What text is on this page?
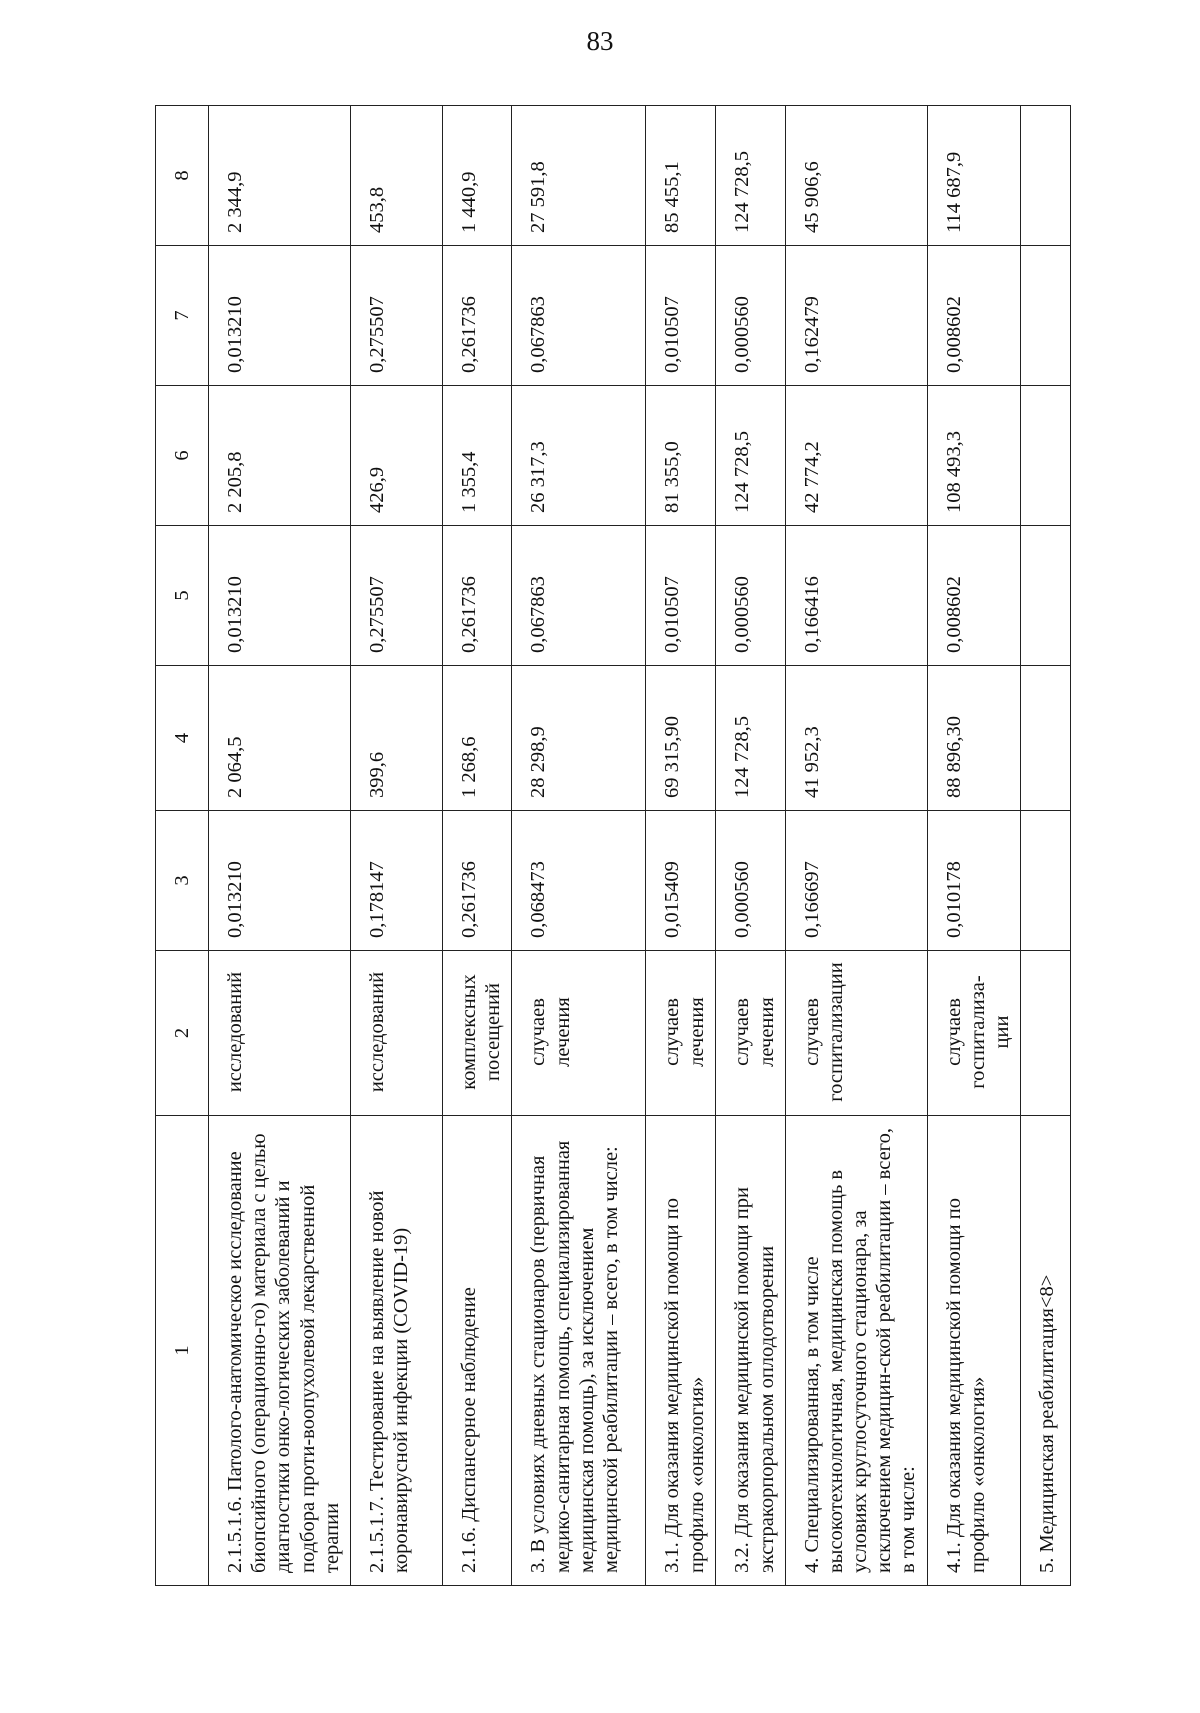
83
1	2	3	4	5	6	7	8
2.1.5.1.6. Патолого-анатомическое исследование биопсийного (операционно-го) материала с целью диагностики онко-логических заболеваний и подбора проти-воопухолевой лекарственной терапии	исследований	0,013210	2 064,5	0,013210	2 205,8	0,013210	2 344,9
2.1.5.1.7. Тестирование на выявление новой коронавирусной инфекции (COVID-19)	исследований	0,178147	399,6	0,275507	426,9	0,275507	453,8
2.1.6. Диспансерное наблюдение	комплексных посещений	0,261736	1 268,6	0,261736	1 355,4	0,261736	1 440,9
3. В условиях дневных стационаров (первичная медико-санитарная помощь, специализированная медицинская помощь), за исключением медицинской реабилитации – всего, в том числе:	случаев лечения	0,068473	28 298,9	0,067863	26 317,3	0,067863	27 591,8
3.1. Для оказания медицинской помощи по профилю «онкология»	случаев лечения	0,015409	69 315,90	0,010507	81 355,0	0,010507	85 455,1
3.2. Для оказания медицинской помощи при экстракорпоральном оплодотворении	случаев лечения	0,000560	124 728,5	0,000560	124 728,5	0,000560	124 728,5
4. Специализированная, в том числе высокотехнологичная, медицинская помощь в условиях круглосуточного стационара, за исключением медицин-ской реабилитации – всего, в том числе:	случаев госпитализации	0,166697	41 952,3	0,166416	42 774,2	0,162479	45 906,6
4.1. Для оказания медицинской помощи по профилю «онкология»	случаев госпитализа-ции	0,010178	88 896,30	0,008602	108 493,3	0,008602	114 687,9
5. Медицинская реабилитация<8>							
